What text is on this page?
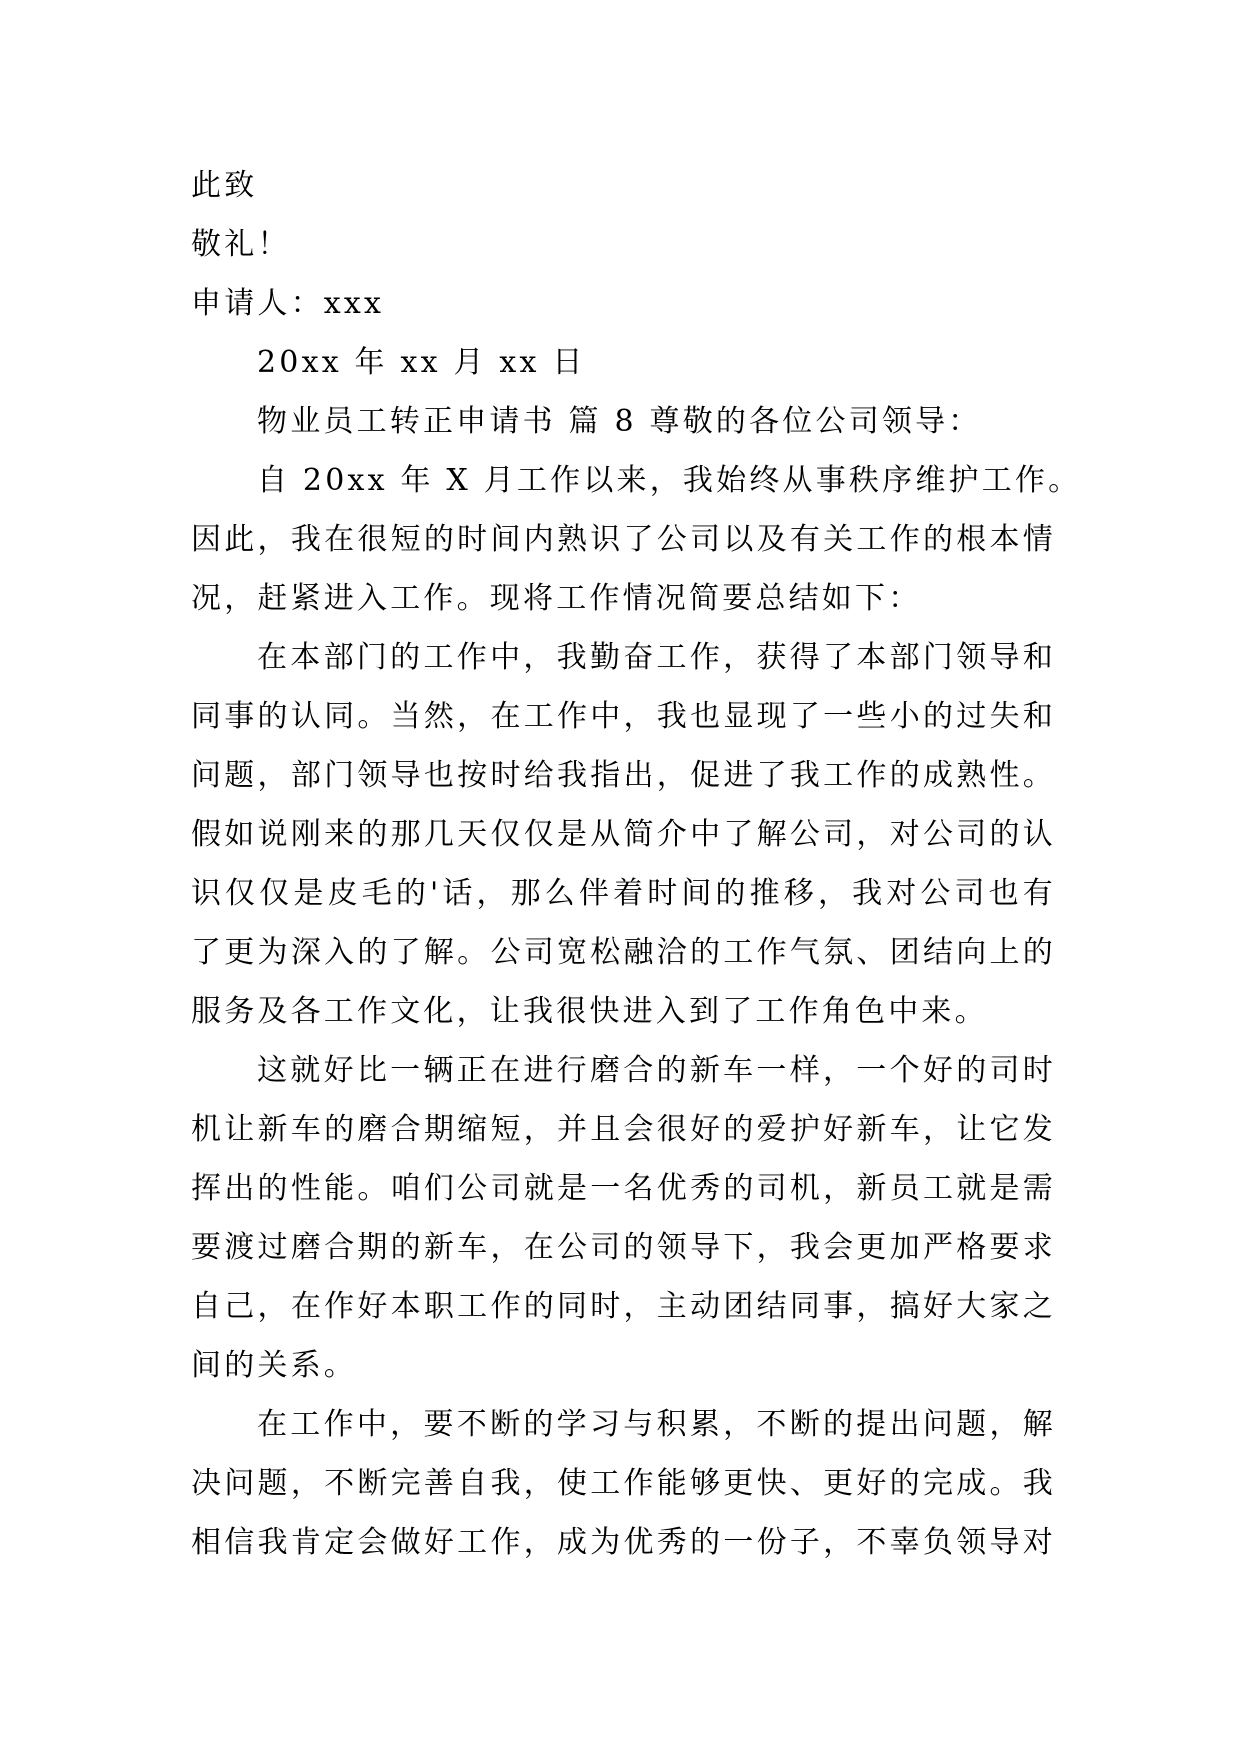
此致
敬礼！
申请人：xxx
20xx 年 xx 月 xx 日
物业员工转正申请书 篇 8 尊敬的各位公司领导：
自 20xx 年 X 月工作以来，我始终从事秩序维护工作。
因此，我在很短的时间内熟识了公司以及有关工作的根本情
况，赶紧进入工作。现将工作情况简要总结如下：
在本部门的工作中，我勤奋工作，获得了本部门领导和
同事的认同。当然，在工作中，我也显现了一些小的过失和
问题，部门领导也按时给我指出，促进了我工作的成熟性。
假如说刚来的那几天仅仅是从简介中了解公司，对公司的认
识仅仅是皮毛的'话，那么伴着时间的推移，我对公司也有
了更为深入的了解。公司宽松融洽的工作气氛、团结向上的
服务及各工作文化，让我很快进入到了工作角色中来。
这就好比一辆正在进行磨合的新车一样，一个好的司时
机让新车的磨合期缩短，并且会很好的爱护好新车，让它发
挥出的性能。咱们公司就是一名优秀的司机，新员工就是需
要渡过磨合期的新车，在公司的领导下，我会更加严格要求
自己，在作好本职工作的同时，主动团结同事，搞好大家之
间的关系。
在工作中，要不断的学习与积累，不断的提出问题，解
决问题，不断完善自我，使工作能够更快、更好的完成。我
相信我肯定会做好工作，成为优秀的一份子，不辜负领导对
